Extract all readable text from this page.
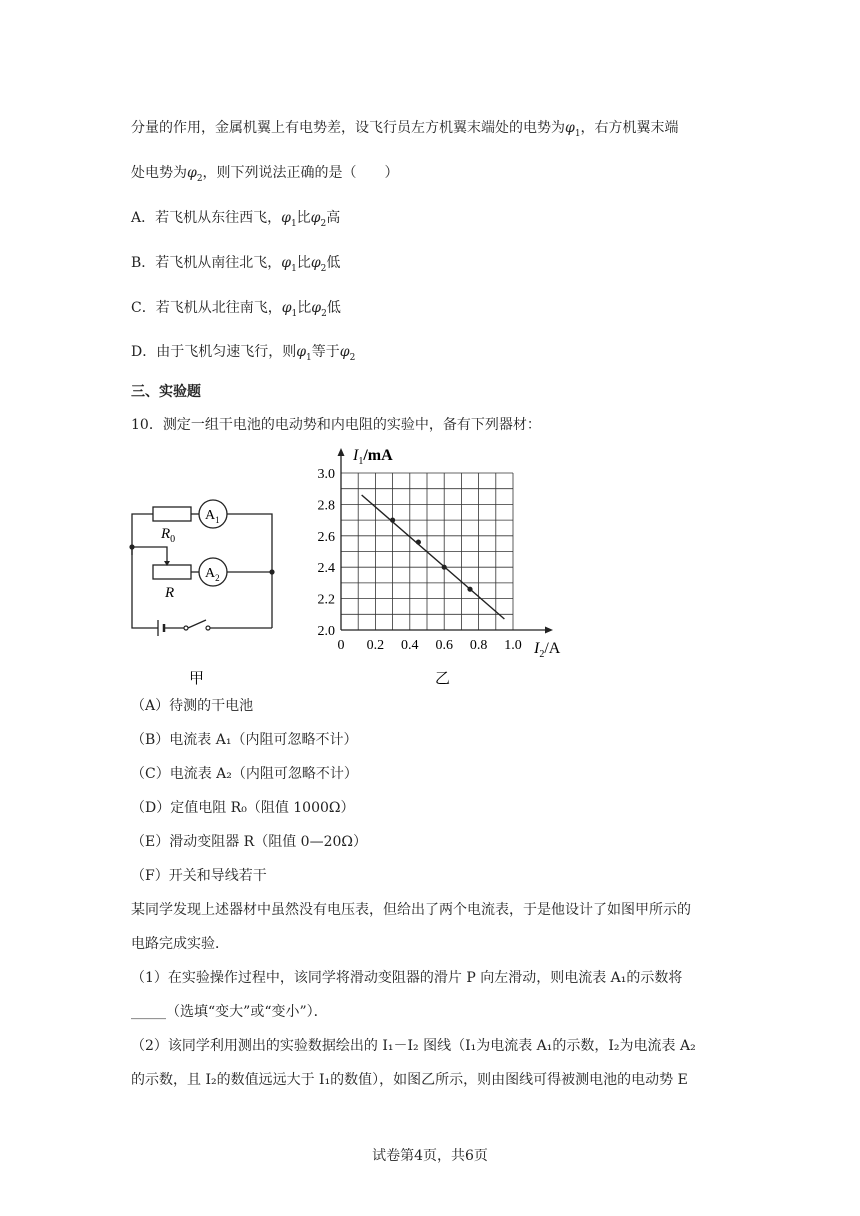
分量的作用，金属机翼上有电势差，设飞行员左方机翼末端处的电势为$\varphi_1$，右方机翼末端
处电势为$\varphi_2$，则下列说法正确的是（　　）
A．若飞机从东往西飞，$\varphi_1$比$\varphi_2$高
B．若飞机从南往北飞，$\varphi_1$比$\varphi_2$低
C．若飞机从北往南飞，$\varphi_1$比$\varphi_2$低
D．由于飞机匀速飞行，则$\varphi_1$等于$\varphi_2$
三、实验题
10．测定一组干电池的电动势和内电阻的实验中，备有下列器材：
$R_0$
R
$A_1$
$A_2$
甲
0 0.2 0.4 0.6 0.8 1.0
2.0
2.2
2.4
2.6
2.8
3.0
$I_1/mA$
$I_2/A$
乙
（A）待测的干电池
（B）电流表 A₁（内阻可忽略不计）
（C）电流表 A₂（内阻可忽略不计）
（D）定值电阻 R₀（阻值 1000Ω）
（E）滑动变阻器 R（阻值 0—20Ω）
（F）开关和导线若干
某同学发现上述器材中虽然没有电压表，但给出了两个电流表，于是他设计了如图甲所示的
电路完成实验．
（1）在实验操作过程中，该同学将滑动变阻器的滑片 P 向左滑动，则电流表 A₁的示数将
_____（选填“变大”或“变小”）．
（2）该同学利用测出的实验数据绘出的 I₁－I₂ 图线（I₁为电流表 A₁的示数，I₂为电流表 A₂
的示数，且 I₂的数值远远大于 I₁的数值），如图乙所示，则由图线可得被测电池的电动势 E
试卷第4页，共6页
